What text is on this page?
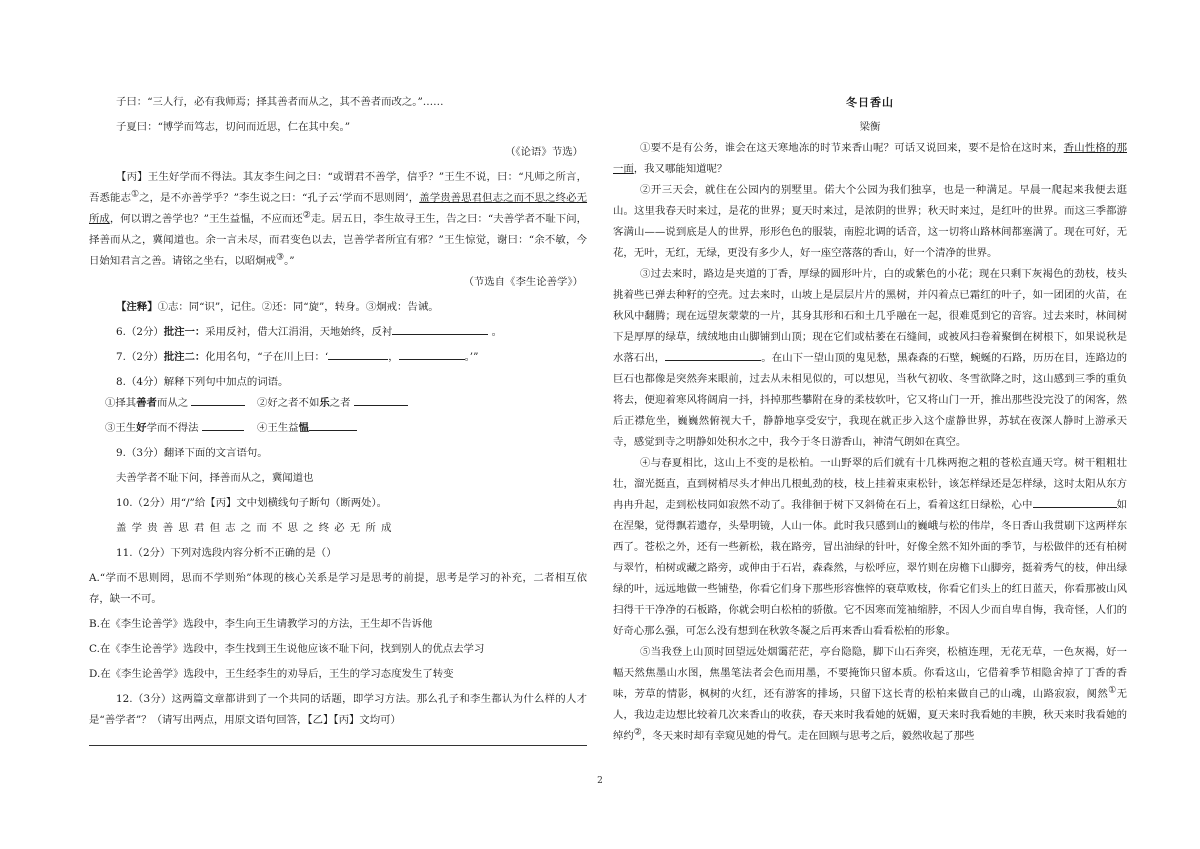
子曰：“三人行，必有我师焉；择其善者而从之，其不善者而改之。”……

子夏曰：“博学而笃志，切问而近思，仁在其中矣。”

（《论语》节选）

【丙】王生好学而不得法。其友李生问之曰：“或谓君不善学，信乎？”王生不说，曰：“凡师之所言，吾悉能志①之，是不亦善学乎？”李生说之曰：“孔子云‘学而不思则罔’，盖学贵善思君但志之而不思之终必无所成，何以谓之善学也？”王生益愠，不应而还②走。居五日，李生故寻王生，告之曰：“夫善学者不耻下问，择善而从之，冀闻道也。余一言未尽，而君变色以去，岂善学者所宜有邪？”王生惊觉，谢曰：“余不敏，今日始知君言之善。请铭之坐右，以昭炯戒③。”

（节选自《李生论善学》）

【注释】①志：同“识”，记住。②还：同“旋”，转身。③炯戒：告诫。

6.（2分）批注一：采用反衬，借大江涓涓，天地始终，反衬	。

7.（2分）批注二：化用名句，“子在川上曰：‘	，	。’”

8.（4分）解释下列句中加点的词语。

①择其善者而从之	②好之者不如乐之者
③王生好学而不得法	④王生益愠

9.（3分）翻译下面的文言语句。

夫善学者不耻下问，择善而从之，冀闻道也

10.（2分）用“/”给【丙】文中划横线句子断句（断两处）。

盖学贵善思君但志之而不思之终必无所成

11.（2分）下列对选段内容分析不正确的是（）

A.“学而不思则罔，思而不学则殆”体现的核心关系是学习是思考的前提，思考是学习的补充，二者相互依存，缺一不可。

B.在《李生论善学》选段中，李生向王生请教学习的方法，王生却不告诉他

C.在《李生论善学》选段中，李生找到王生说他应该不耻下问，找到别人的优点去学习

D.在《李生论善学》选段中，王生经李生的劝导后，王生的学习态度发生了转变

12.（3分）这两篇文章都讲到了一个共同的话题，即学习方法。那么孔子和李生都认为什么样的人才是“善学者”？（请写出两点，用原文语句回答，【乙】【丙】文均可）

冬日香山

梁衡

①要不是有公务，谁会在这天寒地冻的时节来香山呢？可话又说回来，要不是恰在这时来，香山性格的那一面，我又哪能知道呢？

②开三天会，就住在公园内的别墅里。偌大个公园为我们独享，也是一种满足。早晨一爬起来我便去逛山。这里我春天时来过，是花的世界；夏天时来过，是浓阴的世界；秋天时来过，是红叶的世界。而这三季都游客满山——说到底是人的世界，形形色色的服装，南腔北调的话音，这一切将山路林间都塞满了。现在可好，无花，无叶，无红，无绿，更没有多少人，好一座空落落的香山，好一个清净的世界。

③过去来时，路边是夹道的丁香，厚绿的圆形叶片，白的或紫色的小花；现在只剩下灰褐色的劲枝，枝头挑着些已弹去种籽的空壳。过去来时，山坡上是层层片片的黑树，并闪着点已霜红的叶子，如一团团的火苗，在秋风中翻腾；现在远望灰蒙蒙的一片，其身其形和石和土几乎融在一起，很难觅到它的音容。过去来时，林间树下是厚厚的绿草，绒绒地由山脚铺到山顶；现在它们或枯萎在石缝间，或被风扫卷着聚倒在树根下，如果说秋是水落石出，	。在山下一望山顶的鬼见愁，黑森森的石壁，蜿蜒的石路，历历在目，连路边的巨石也都像是突然奔来眼前，过去从未相见似的，可以想见，当秋气初收、冬雪欲降之时，这山感到三季的重负将去，便迎着寒风将阔肩一抖，抖掉那些攀附在身的柔枝软叶，它又将山门一开，推出那些没完没了的闲客，然后正襟危坐，巍巍然俯视大千，静静地享受安宁，我现在就正步入这个虚静世界，苏轼在夜深人静时上游承天寺，感觉到寺之明静如处积水之中，我今于冬日游香山，神清气朗如在真空。

④与春夏相比，这山上不变的是松柏。一山野翠的后们就有十几株两抱之粗的苍松直通天穹。树干粗粗壮壮，溜光挺直，直到树梢尽头才伸出几根虬劲的枝，枝上挂着束束松针，该怎样绿还是怎样绿，这时太阳从东方冉冉升起，走到松枝同如寂然不动了。我徘徊于树下又斜倚在石上，看着这红日绿松，心中	如在涅槃，觉得飘若遗存，头晕明镜，人山一体。此时我只感到山的巍峨与松的伟岸，冬日香山我贯刷下这两样东西了。苍松之外，还有一些新松，栽在路旁，冒出油绿的针叶，好像全然不知外面的季节，与松做伴的还有柏树与翠竹，柏树或藏之路旁，或伸由于石岩，森森然，与松呼应，翠竹则在房檐下山脚旁，挺着秀气的枝，伸出绿绿的叶，远远地做一些铺垫，你看它们身下那些形容憔悴的衰草败枝，你看它们头上的红日蓝天，你看那被山风扫得干干净净的石板路，你就会明白松柏的骄傲。它不因寒而笼袖缩脖，不因人少而自卑自悔，我奇怪，人们的好奇心那么强，可怎么没有想到在秋敦冬凝之后再来香山看看松柏的形象。

⑤当我登上山顶时回望远处烟霭茫茫，亭台隐隐，脚下山石奔突，松植连理，无花无草，一色灰褐，好一幅天然焦墨山水图，焦墨笔法者会色而用墨，不要掩饰只留本质。你看这山，它借着季节相隐舍掉了丁香的香味，芳草的情影，枫树的火红，还有游客的排场，只留下这长青的松柏来做自己的山魂，山路寂寂，阒然①无人，我边走边想比较着几次来香山的收获，春天来时我看她的妩媚，夏天来时我看她的丰腴，秋天来时我看她的绰约②，冬天来时却有幸窥见她的骨气。走在回顾与思考之后，毅然收起了那些

2
